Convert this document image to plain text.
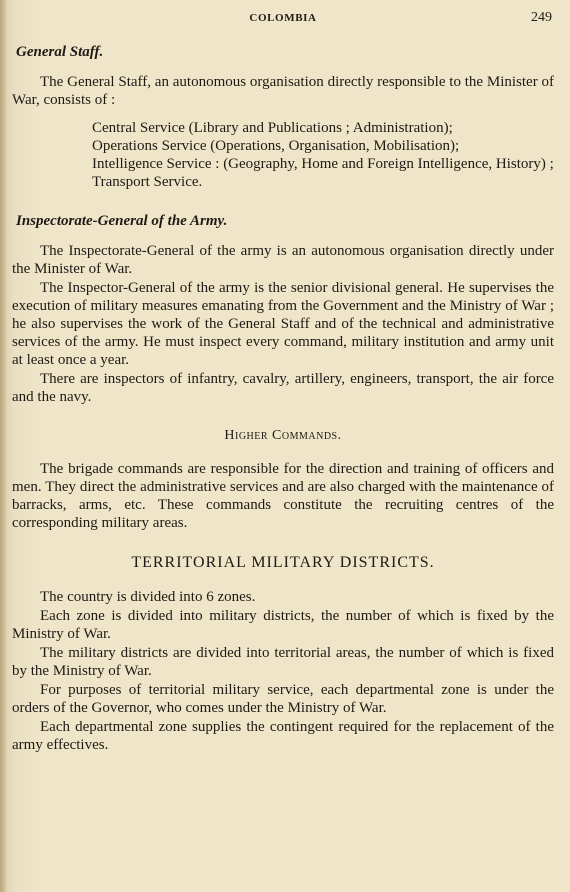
COLOMBIA	249
General Staff.

The General Staff, an autonomous organisation directly responsible to the Minister of War, consists of :

Central Service (Library and Publications ; Administration);
Operations Service (Operations, Organisation, Mobilisation);
Intelligence Service : (Geography, Home and Foreign Intelligence, History) ;
Transport Service.
Inspectorate-General of the Army.

The Inspectorate-General of the army is an autonomous organisation directly under the Minister of War.

The Inspector-General of the army is the senior divisional general. He supervises the execution of military measures emanating from the Government and the Ministry of War ; he also supervises the work of the General Staff and of the technical and administrative services of the army. He must inspect every command, military institution and army unit at least once a year.

There are inspectors of infantry, cavalry, artillery, engineers, transport, the air force and the navy.

Higher Commands.

The brigade commands are responsible for the direction and training of officers and men. They direct the administrative services and are also charged with the maintenance of barracks, arms, etc. These commands constitute the recruiting centres of the corresponding military areas.

TERRITORIAL MILITARY DISTRICTS.

The country is divided into 6 zones.

Each zone is divided into military districts, the number of which is fixed by the Ministry of War.

The military districts are divided into territorial areas, the number of which is fixed by the Ministry of War.

For purposes of territorial military service, each departmental zone is under the orders of the Governor, who comes under the Ministry of War.

Each departmental zone supplies the contingent required for the replacement of the army effectives.
